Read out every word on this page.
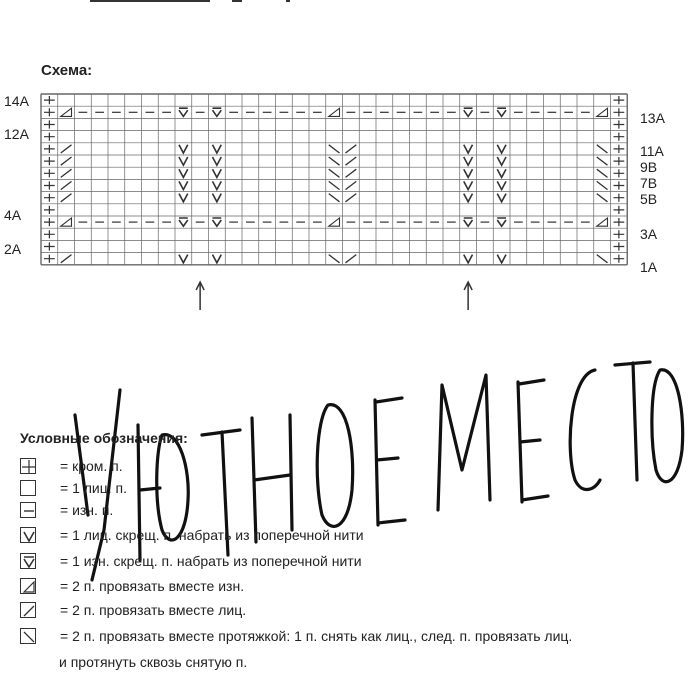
Схема:
14A
12A
4A
2A
13A
11A
9B
7B
5B
3A
1A
Условные обозначения:
= кром. п.
= 1 лиц. п.
= изн. п.
= 1 лиц. скрещ. п. набрать из поперечной нити
= 1 изн. скрещ. п. набрать из поперечной нити
= 2 п. провязать вместе изн.
= 2 п. провязать вместе лиц.
= 2 п. провязать вместе протяжкой: 1 п. снять как лиц., след. п. провязать лиц.
и протянуть сквозь снятую п.
